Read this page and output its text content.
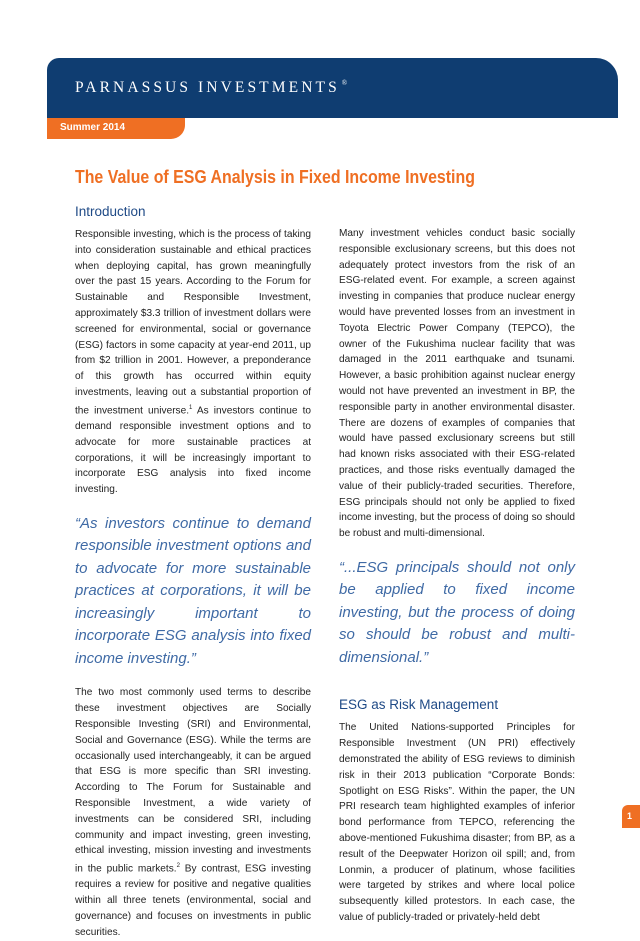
PARNASSUS INVESTMENTS ®
Summer 2014
The Value of ESG Analysis in Fixed Income Investing
Introduction

Responsible investing, which is the process of taking into consideration sustainable and ethical practices when deploying capital, has grown meaningfully over the past 15 years. According to the Forum for Sustainable and Responsible Investment, approximately $3.3 trillion of investment dollars were screened for environmental, social or governance (ESG) factors in some capacity at year-end 2011, up from $2 trillion in 2001. However, a preponderance of this growth has occurred within equity investments, leaving out a substantial proportion of the investment universe.$^1$ As investors continue to demand responsible investment options and to advocate for more sustainable practices at corporations, it will be increasingly important to incorporate ESG analysis into fixed income investing.

“As investors continue to demand responsible investment options and to advocate for more sustainable practices at corporations, it will be increasingly important to incorporate ESG analysis into fixed income investing.”

The two most commonly used terms to describe these investment objectives are Socially Responsible Investing (SRI) and Environmental, Social and Governance (ESG). While the terms are occasionally used interchangeably, it can be argued that ESG is more specific than SRI investing. According to The Forum for Sustainable and Responsible Investment, a wide variety of investments can be considered SRI, including community and impact investing, green investing, ethical investing, mission investing and investments in the public markets.$^2$ By contrast, ESG investing requires a review for positive and negative qualities within all three tenets (environmental, social and governance) and focuses on investments in public securities.

Many investment vehicles conduct basic socially responsible exclusionary screens, but this does not adequately protect investors from the risk of an ESG-related event. For example, a screen against investing in companies that produce nuclear energy would have prevented losses from an investment in Toyota Electric Power Company (TEPCO), the owner of the Fukushima nuclear facility that was damaged in the 2011 earthquake and tsunami. However, a basic prohibition against nuclear energy would not have prevented an investment in BP, the responsible party in another environmental disaster. There are dozens of examples of companies that would have passed exclusionary screens but still had known risks associated with their ESG-related practices, and those risks eventually damaged the value of their publicly-traded securities. Therefore, ESG principals should not only be applied to fixed income investing, but the process of doing so should be robust and multi-dimensional.

“...ESG principals should not only be applied to fixed income investing, but the process of doing so should be robust and multi-dimensional.”

ESG as Risk Management

The United Nations-supported Principles for Responsible Investment (UN PRI) effectively demonstrated the ability of ESG reviews to diminish risk in their 2013 publication “Corporate Bonds: Spotlight on ESG Risks”. Within the paper, the UN PRI research team highlighted examples of inferior bond performance from TEPCO, referencing the above-mentioned Fukushima disaster; from BP, as a result of the Deepwater Horizon oil spill; and, from Lonmin, a producer of platinum, whose facilities were targeted by strikes and where local police subsequently killed protestors. In each case, the value of publicly-traded or privately-held debt

1
